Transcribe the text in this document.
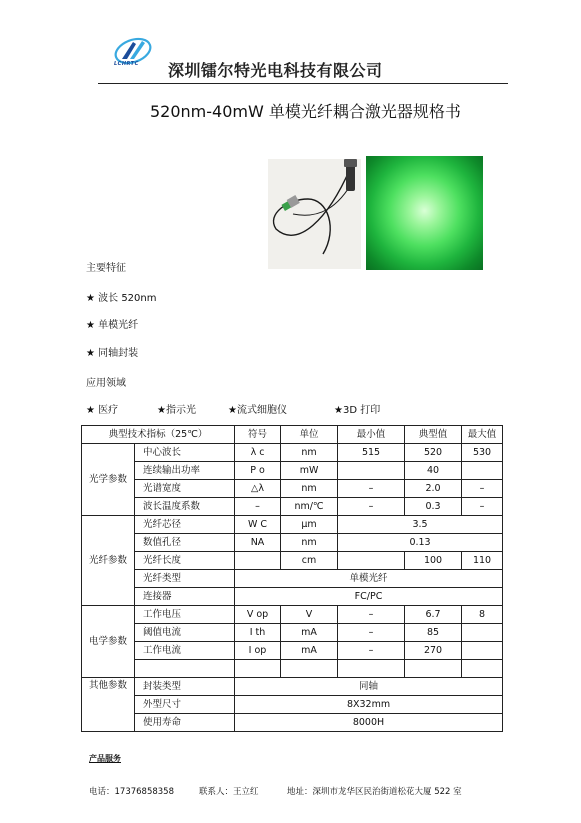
LCHRTC 深圳镭尔特光电科技有限公司
520nm-40mW 单模光纤耦合激光器规格书
主要特征
★ 波长 520nm
★ 单模光纤
★ 同轴封装
应用领域
★ 医疗	★指示光	★流式细胞仪	★3D 打印
典型技术指标（25℃）		符号	单位	最小值	典型值	最大值
光学参数	中心波长	λ c	nm	515	520	530
	连续输出功率	P o	mW		40	
	光谱宽度	△λ	nm	–	2.0	–
	波长温度系数	–	nm/℃	–	0.3	–
光纤参数	光纤芯径	W C	μm	3.5		
	数值孔径	NA	nm	0.13		
	光纤长度		cm		100	110
	光纤类型	单模光纤				
	连接器	FC/PC				
电学参数	工作电压	V op	V	–	6.7	8
	阈值电流	I th	mA	–	85	
	工作电流	I op	mA	–	270	

其他参数	封装类型	同轴				
	外型尺寸	8X32mm				
	使用寿命	8000H				
产品服务
电话：17376858358	联系人：王立红	地址：深圳市龙华区民治街道松花大厦 522 室
